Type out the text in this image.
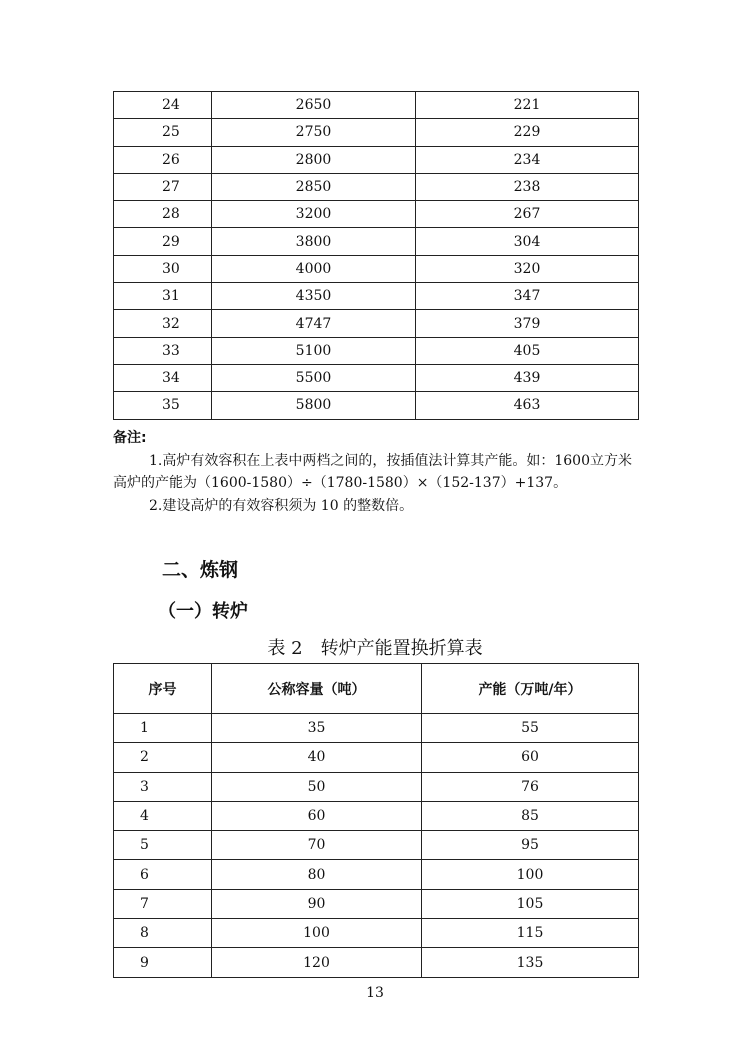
24	2650	221
25	2750	229
26	2800	234
27	2850	238
28	3200	267
29	3800	304
30	4000	320
31	4350	347
32	4747	379
33	5100	405
34	5500	439
35	5800	463
备注:
1.高炉有效容积在上表中两档之间的，按插值法计算其产能。如：1600立方米高炉的产能为（1600-1580）÷（1780-1580）×（152-137）+137。
2.建设高炉的有效容积须为 10 的整数倍。
二、炼钢
（一）转炉
表 2　转炉产能置换折算表
序号	公称容量（吨）	产能（万吨/年）
1	35	55
2	40	60
3	50	76
4	60	85
5	70	95
6	80	100
7	90	105
8	100	115
9	120	135
13
